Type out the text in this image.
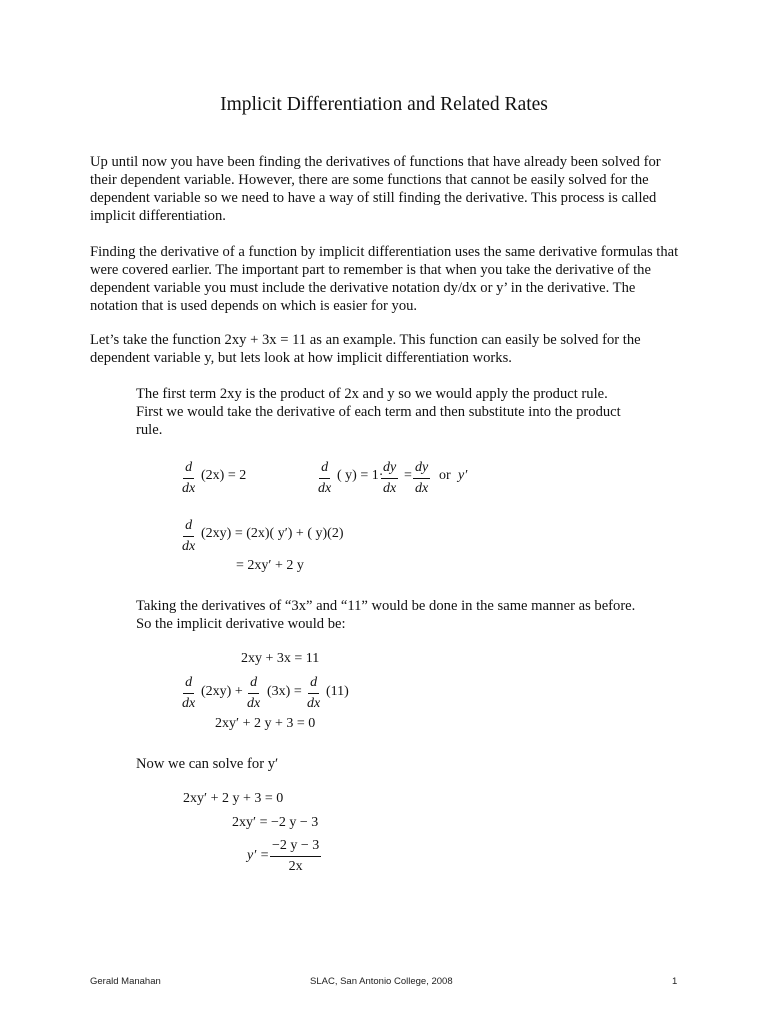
Implicit Differentiation and Related Rates

Up until now you have been finding the derivatives of functions that have already been solved for their dependent variable. However, there are some functions that cannot be easily solved for the dependent variable so we need to have a way of still finding the derivative. This process is called implicit differentiation.

Finding the derivative of a function by implicit differentiation uses the same derivative formulas that were covered earlier. The important part to remember is that when you take the derivative of the dependent variable you must include the derivative notation dy/dx or y’ in the derivative. The notation that is used depends on which is easier for you.

Let’s take the function 2xy + 3x = 11 as an example. This function can easily be solved for the dependent variable y, but lets look at how implicit differentiation works.

The first term 2xy is the product of 2x and y so we would apply the product rule. First we would take the derivative of each term and then substitute into the product rule.

$\frac{d}{dx} (2x) = 2$	$\frac{d}{dx}$ ( y) = 1·
$\frac{dy}{dx} = \frac{dy}{dx}$ or y′
$\frac{d}{dx} (2xy) = (2x)$( y′) + ( y)(2)
= 2xy′ + 2 y

Taking the derivatives of “3x” and “11” would be done in the same manner as before. So the implicit derivative would be:

2xy + 3x = 11
$\frac{d}{dx} (2xy) + \frac{d}{dx} (3x) = \frac{d}{dx} (11)$
2xy′ + 2 y + 3 = 0

Now we can solve for y′

2xy′ + 2 y + 3 = 0
2xy′ = −2 y − 3
$y' = \frac{-2 y - 3}{2x}$
Gerald Manahan	SLAC, San Antonio College, 2008	1
